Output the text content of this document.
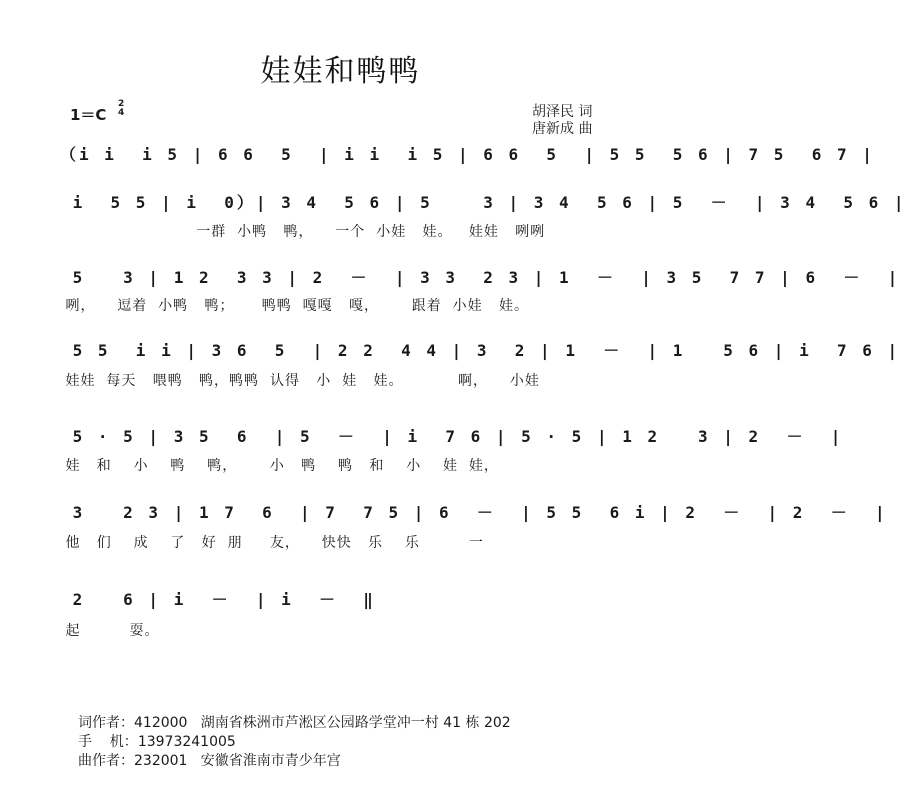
娃娃和鸭鸭
1＝C
2
4	胡泽民 词
唐新成 曲
（i i  i 5 | 6 6  5  | i i  i 5 | 6 6  5  | 5 5  5 6 | 7 5  6 7 |
i  5 5 | i  0）| 3 4  5 6 | 5    3 | 3 4  5 6 | 5  －  | 3 4  5 6 |
一群  小鸭   鸭，    一个  小娃   娃。   娃娃   咧咧
5   3 | 1 2  3 3 | 2  －  | 3 3  2 3 | 1  －  | 3 5  7 7 | 6  －  |
咧，    逗着  小鸭   鸭；     鸭鸭  嘎嘎   嘎，      跟着  小娃   娃。
5 5  i i | 3 6  5  | 2 2  4 4 | 3  2 | 1  －  | 1   5 6 | i  7 6 |
娃娃  每天   喂鸭   鸭，鸭鸭  认得   小  娃   娃。          啊，    小娃
5 · 5 | 3 5  6  | 5  －  | i  7 6 | 5 · 5 | 1 2   3 | 2  －  |
娃   和    小    鸭    鸭，      小   鸭    鸭   和    小    娃  娃，
3   2 3 | 1 7  6  | 7  7 5 | 6  －  | 5 5  6 i | 2  －  | 2  －  |
他   们    成    了   好  朋     友，    快快   乐    乐         一
2   6 | i  －  | i  －  ‖
起         耍。
词作者：412000   湖南省株洲市芦淞区公园路学堂冲一村 41 栋 202
手    机：13973241005
曲作者：232001   安徽省淮南市青少年宫
